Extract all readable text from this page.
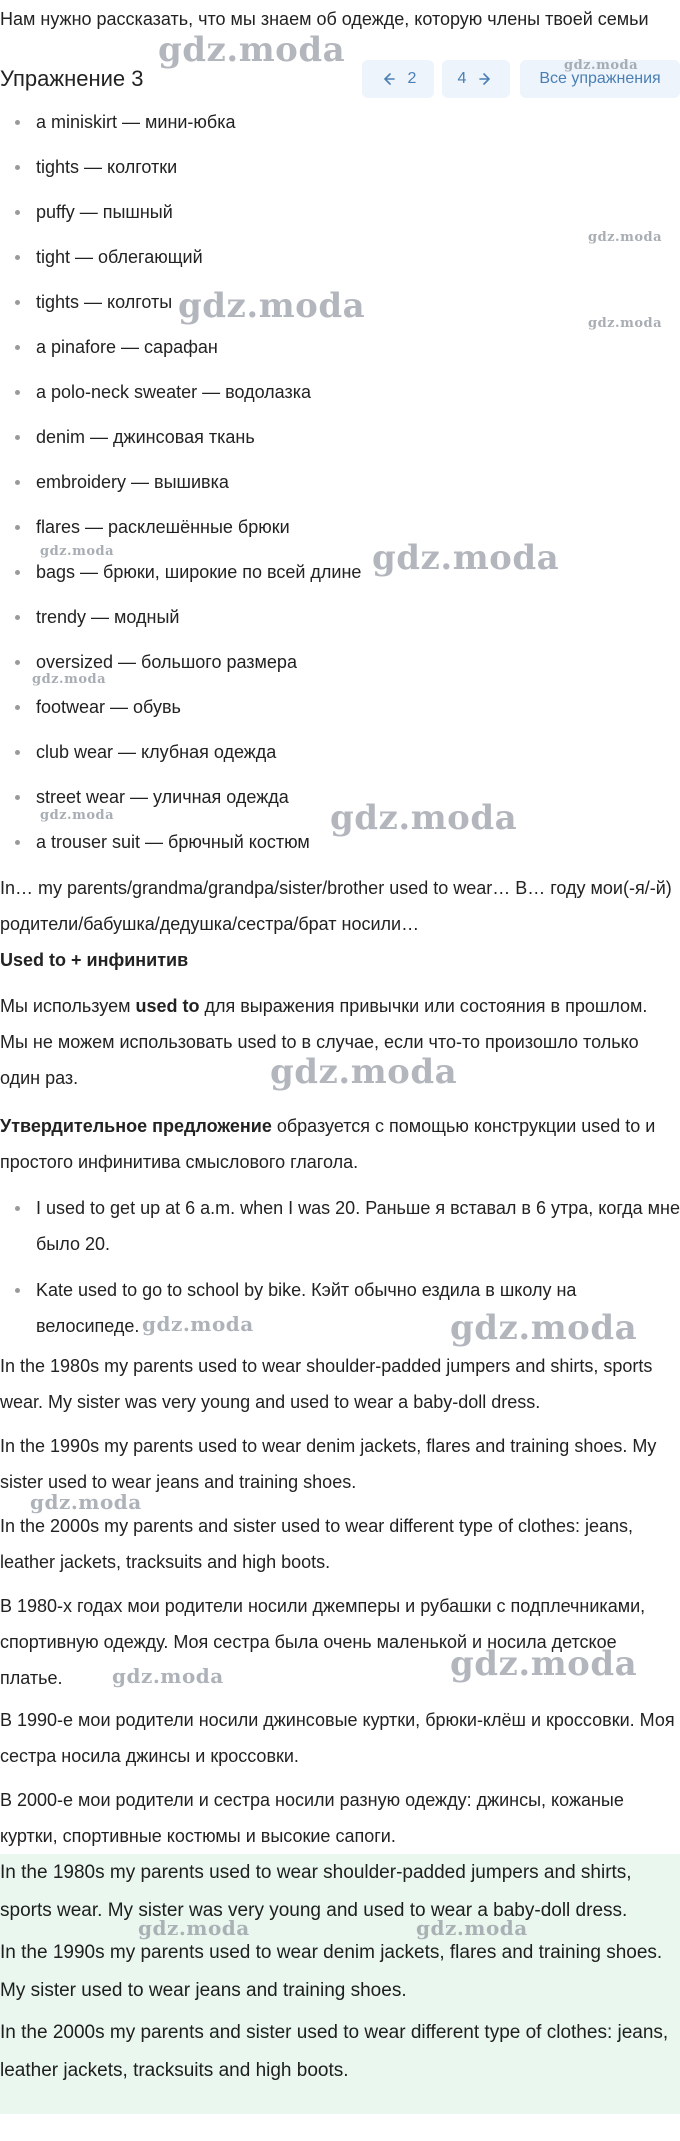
Нам нужно рассказать, что мы знаем об одежде, которую члены твоей семьи
Упражнение 3	2	4	Все упражнения
a miniskirt — мини-юбка
tights — колготки
puffy — пышный
tight — облегающий
tights — колготы
a pinafore — сарафан
a polo-neck sweater — водолазка
denim — джинсовая ткань
embroidery — вышивка
flares — расклешённые брюки
bags — брюки, широкие по всей длине
trendy — модный
oversized — большого размера
footwear — обувь
club wear — клубная одежда
street wear — уличная одежда
a trouser suit — брючный костюм
In… my parents/grandma/grandpa/sister/brother used to wear… В… году мои(-я/-й) родители/бабушка/дедушка/сестра/брат носили…
Used to + инфинитив
Мы используем used to для выражения привычки или состояния в прошлом. Мы не можем использовать used to в случае, если что-то произошло только один раз.
Утвердительное предложение образуется с помощью конструкции used to и простого инфинитива смыслового глагола.
I used to get up at 6 a.m. when I was 20. Раньше я вставал в 6 утра, когда мне было 20.
Kate used to go to school by bike. Кэйт обычно ездила в школу на велосипеде.
In the 1980s my parents used to wear shoulder-padded jumpers and shirts, sports wear. My sister was very young and used to wear a baby-doll dress.
In the 1990s my parents used to wear denim jackets, flares and training shoes. My sister used to wear jeans and training shoes.
In the 2000s my parents and sister used to wear different type of clothes: jeans, leather jackets, tracksuits and high boots.
В 1980-х годах мои родители носили джемперы и рубашки с подплечниками, спортивную одежду. Моя сестра была очень маленькой и носила детское платье.
В 1990-е мои родители носили джинсовые куртки, брюки-клёш и кроссовки. Моя сестра носила джинсы и кроссовки.
В 2000-е мои родители и сестра носили разную одежду: джинсы, кожаные куртки, спортивные костюмы и высокие сапоги.

In the 1980s my parents used to wear shoulder-padded jumpers and shirts, sports wear. My sister was very young and used to wear a baby-doll dress.

In the 1990s my parents used to wear denim jackets, flares and training shoes. My sister used to wear jeans and training shoes.

In the 2000s my parents and sister used to wear different type of clothes: jeans, leather jackets, tracksuits and high boots.

gdz.moda	gdz.moda
gdz.moda
gdz.moda	gdz.moda
gdz.moda	gdz.moda
gdz.moda
gdz.moda	gdz.moda
gdz.moda
gdz.moda	gdz.moda
gdz.moda
gdz.moda	gdz.moda
gdz.moda	gdz.moda
